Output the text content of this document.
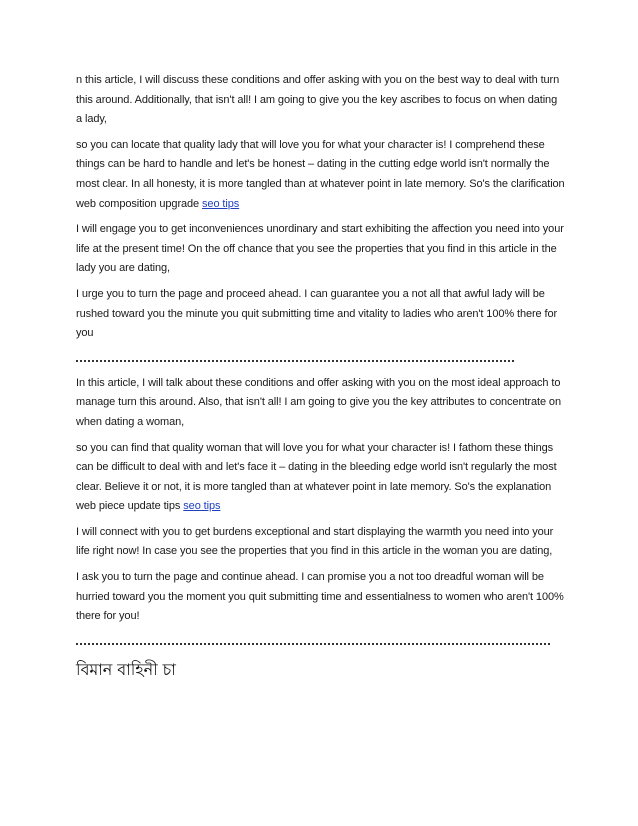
n this article, I will discuss these conditions and offer asking with you on the best way to deal with turn this around. Additionally, that isn't all! I am going to give you the key ascribes to focus on when dating a lady,

so you can locate that quality lady that will love you for what your character is! I comprehend these things can be hard to handle and let's be honest – dating in the cutting edge world isn't normally the most clear. In all honesty, it is more tangled than at whatever point in late memory. So's the clarification web composition upgrade seo tips

I will engage you to get inconveniences unordinary and start exhibiting the affection you need into your life at the present time! On the off chance that you see the properties that you find in this article in the lady you are dating,

I urge you to turn the page and proceed ahead. I can guarantee you a not all that awful lady will be rushed toward you the minute you quit submitting time and vitality to ladies who aren't 100% there for you

In this article, I will talk about these conditions and offer asking with you on the most ideal approach to manage turn this around. Also, that isn't all! I am going to give you the key attributes to concentrate on when dating a woman,

so you can find that quality woman that will love you for what your character is! I fathom these things can be difficult to deal with and let's face it – dating in the bleeding edge world isn't regularly the most clear. Believe it or not, it is more tangled than at whatever point in late memory. So's the explanation web piece update tips seo tips

I will connect with you to get burdens exceptional and start displaying the warmth you need into your life right now! In case you see the properties that you find in this article in the woman you are dating,

I ask you to turn the page and continue ahead. I can promise you a not too dreadful woman will be hurried toward you the moment you quit submitting time and essentialness to women who aren't 100% there for you!

বিমান বাহিনী চা
